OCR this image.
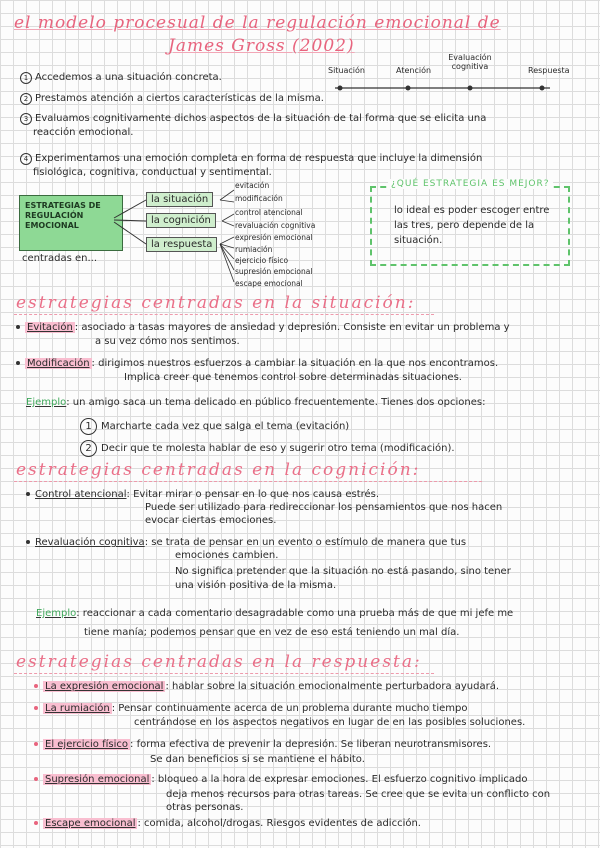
el modelo procesual de la regulación emocional de
James Gross (2002)
Situación	Atención
Evaluación cognitiva	Respuesta
1 Accedemos a una situación concreta.
2 Prestamos atención a ciertos características de la misma.
3 Evaluamos cognitivamente dichos aspectos de la situación de tal forma que se elicita una
reacción emocional.
4 Experimentamos una emoción completa en forma de respuesta que incluye la dimensión
fisiológica, cognitiva, conductual y sentimental.
ESTRATEGIAS DE REGULACIÓN EMOCIONAL
centradas en...
la situación
la cognición
la respuesta
evitación
modificación
control atencional
revaluación cognitiva
expresión emocional
rumiación
ejercicio físico
supresión emocional
escape emocional
¿QUÉ ESTRATEGIA ES MEJOR?
lo ideal es poder escoger entre
las tres, pero depende de la
situación.
estrategias centradas en la situación:
Evitación : asociado a tasas mayores de ansiedad y depresión. Consiste en evitar un problema y
a su vez cómo nos sentimos.
Modificación : dirigimos nuestros esfuerzos a cambiar la situación en la que nos encontramos.
Implica creer que tenemos control sobre determinadas situaciones.
Ejemplo: un amigo saca un tema delicado en público frecuentemente. Tienes dos opciones:
1 Marcharte cada vez que salga el tema (evitación)
2 Decir que te molesta hablar de eso y sugerir otro tema (modificación).
estrategias centradas en la cognición:
Control atencional: Evitar mirar o pensar en lo que nos causa estrés.
Puede ser utilizado para redireccionar los pensamientos que nos hacen
evocar ciertas emociones.
Revaluación cognitiva: se trata de pensar en un evento o estímulo de manera que tus
emociones cambien.
No significa pretender que la situación no está pasando, sino tener
una visión positiva de la misma.
Ejemplo: reaccionar a cada comentario desagradable como una prueba más de que mi jefe me
tiene manía; podemos pensar que en vez de eso está teniendo un mal día.
estrategias centradas en la respuesta:
La expresión emocional : hablar sobre la situación emocionalmente perturbadora ayudará.
La rumiación : Pensar continuamente acerca de un problema durante mucho tiempo
centrándose en los aspectos negativos en lugar de en las posibles soluciones.
El ejercicio físico : forma efectiva de prevenir la depresión. Se liberan neurotransmisores.
Se dan beneficios si se mantiene el hábito.
Supresión emocional : bloqueo a la hora de expresar emociones. El esfuerzo cognitivo implicado
deja menos recursos para otras tareas. Se cree que se evita un conflicto con
otras personas.
Escape emocional : comida, alcohol/drogas. Riesgos evidentes de adicción.
